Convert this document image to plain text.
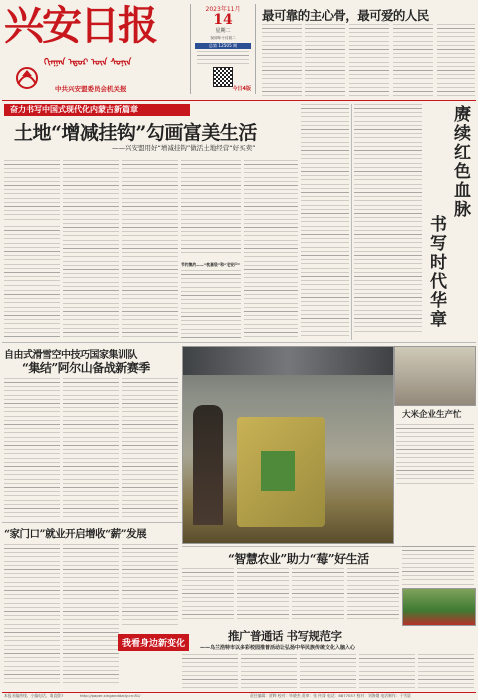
兴安日报
ᠬᠢᠨᠭᠠᠨ ᠡᠳᠦᠷ ᠦᠨ ᠰᠣᠨᠢᠨ
中共兴安盟委员会机关报
2023年11月
14
星期二
癸卯年十月初二
总第 12505 期
今日4版
最可靠的主心骨，最可爱的人民
奋力书写中国式现代化内蒙古新篇章
土地“增减挂钩”勾画富美生活
——兴安盟用好“增减挂钩”做活土地经营“好买卖”
节约集约——“枕套袋”和“宅安户”
赓续红色血脉
书写时代华章
自由式滑雪空中技巧国家集训队
“集结”阿尔山备战新赛季
大米企业生产忙
“家门口”就业开启增收“薪”发展
我看身边新变化
“智慧农业”助力“莓”好生活
推广普通话 书写规范字
——乌兰浩特市以多彩校园推普活动让弘扬中华民族传统文化入脑入心
本报采编热线、小编电话，请直拨7	http://paper.xinganddaily.cn:81/	责任编辑：贾晔 校对：毕晓杰 责审：张 传哥 电话：8877057 校对：刘海娥 电话制作：于雪晨
